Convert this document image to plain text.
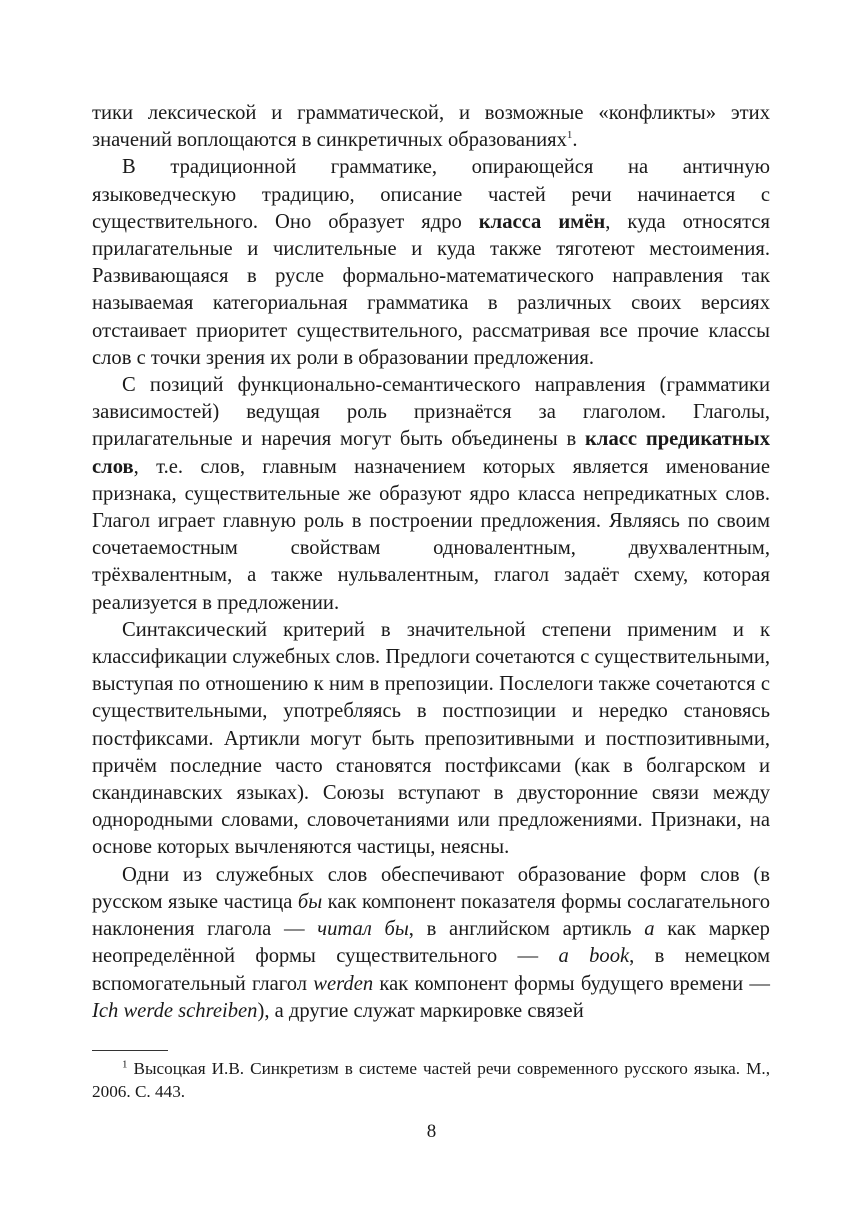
тики лексической и грамматической, и возможные «конфликты» этих значений воплощаются в синкретичных образованиях$^1$.

В традиционной грамматике, опирающейся на античную языковедческую традицию, описание частей речи начинается с существительного. Оно образует ядро класса имён, куда относятся прилагательные и числительные и куда также тяготеют местоимения. Развивающаяся в русле формально-математического направления так называемая категориальная грамматика в различных своих версиях отстаивает приоритет существительного, рассматривая все прочие классы слов с точки зрения их роли в образовании предложения.

С позиций функционально-семантического направления (грамматики зависимостей) ведущая роль признаётся за глаголом. Глаголы, прилагательные и наречия могут быть объединены в класс предикатных слов, т.е. слов, главным назначением которых является именование признака, существительные же образуют ядро класса непредикатных слов. Глагол играет главную роль в построении предложения. Являясь по своим сочетаемостным свойствам одновалентным, двухвалентным, трёхвалентным, а также нульвалентным, глагол задаёт схему, которая реализуется в предложении.

Синтаксический критерий в значительной степени применим и к классификации служебных слов. Предлоги сочетаются с существительными, выступая по отношению к ним в препозиции. Послелоги также сочетаются с существительными, употребляясь в постпозиции и нередко становясь постфиксами. Артикли могут быть препозитивными и постпозитивными, причём последние часто становятся постфиксами (как в болгарском и скандинавских языках). Союзы вступают в двусторонние связи между однородными словами, словочетаниями или предложениями. Признаки, на основе которых вычленяются частицы, неясны.

Одни из служебных слов обеспечивают образование форм слов (в русском языке частица бы как компонент показателя формы сослагательного наклонения глагола — читал бы, в английском артикль a как маркер неопределённой формы существительного — a book, в немецком вспомогательный глагол werden как компонент формы будущего времени — Ich werde schreiben), а другие служат маркировке связей

$^1$ Высоцкая И.В. Синкретизм в системе частей речи современного русского языка. М., 2006. С. 443.

8
